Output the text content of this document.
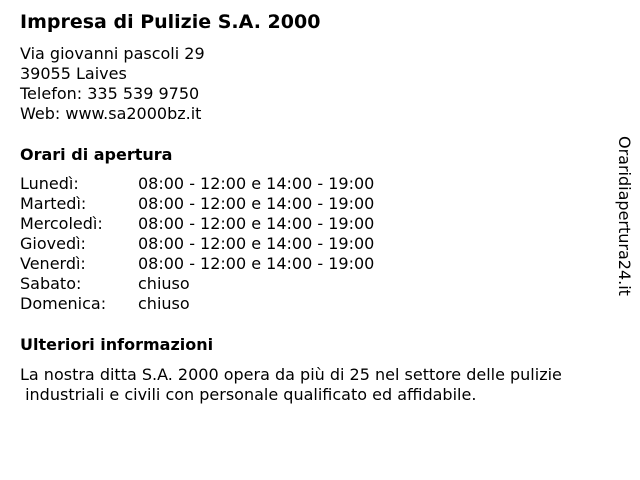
Impresa di Pulizie S.A. 2000
Via giovanni pascoli 29
39055 Laives
Telefon: 335 539 9750
Web: www.sa2000bz.it
Orari di apertura
Lunedì:	08:00 - 12:00 e 14:00 - 19:00
Martedì:	08:00 - 12:00 e 14:00 - 19:00
Mercoledì:	08:00 - 12:00 e 14:00 - 19:00
Giovedì:	08:00 - 12:00 e 14:00 - 19:00
Venerdì:	08:00 - 12:00 e 14:00 - 19:00
Sabato:	chiuso
Domenica:	chiuso
Ulteriori informazioni
La nostra ditta S.A. 2000 opera da più di 25 nel settore delle pulizie
industriali e civili con personale qualificato ed affidabile.
Oraridiapertura24.it
